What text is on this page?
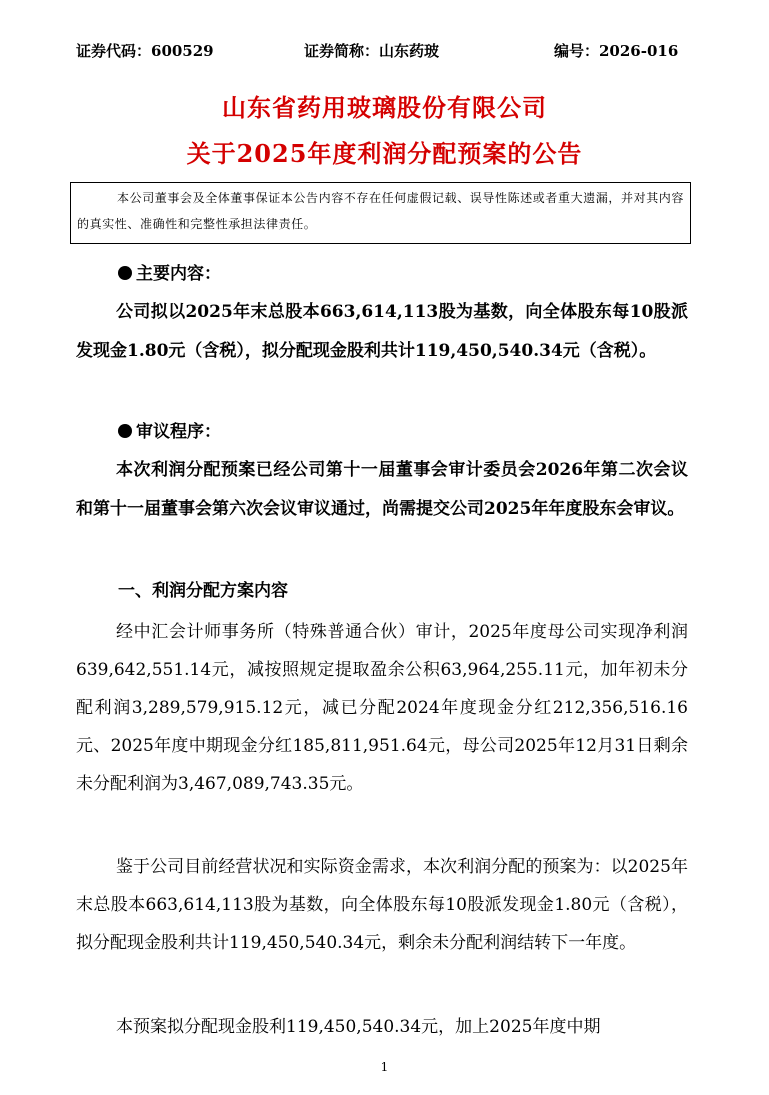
证券代码：600529	证券简称：山东药玻	编号：2026-016
山东省药用玻璃股份有限公司
关于2025年度利润分配预案的公告

本公司董事会及全体董事保证本公告内容不存在任何虚假记载、误导性陈述或者重大遗漏，并对其内容的真实性、准确性和完整性承担法律责任。

主要内容：

公司拟以2025年末总股本663,614,113股为基数，向全体股东每10股派发现金1.80元（含税），拟分配现金股利共计119,450,540.34元（含税）。

审议程序：

本次利润分配预案已经公司第十一届董事会审计委员会2026年第二次会议和第十一届董事会第六次会议审议通过，尚需提交公司2025年年度股东会审议。

一、利润分配方案内容

经中汇会计师事务所（特殊普通合伙）审计，2025年度母公司实现净利润639,642,551.14元，减按照规定提取盈余公积63,964,255.11元，加年初未分配利润3,289,579,915.12元，减已分配2024年度现金分红212,356,516.16元、2025年度中期现金分红185,811,951.64元，母公司2025年12月31日剩余未分配利润为3,467,089,743.35元。

鉴于公司目前经营状况和实际资金需求，本次利润分配的预案为：以2025年末总股本663,614,113股为基数，向全体股东每10股派发现金1.80元（含税），拟分配现金股利共计119,450,540.34元，剩余未分配利润结转下一年度。

本预案拟分配现金股利119,450,540.34元，加上2025年度中期

1
